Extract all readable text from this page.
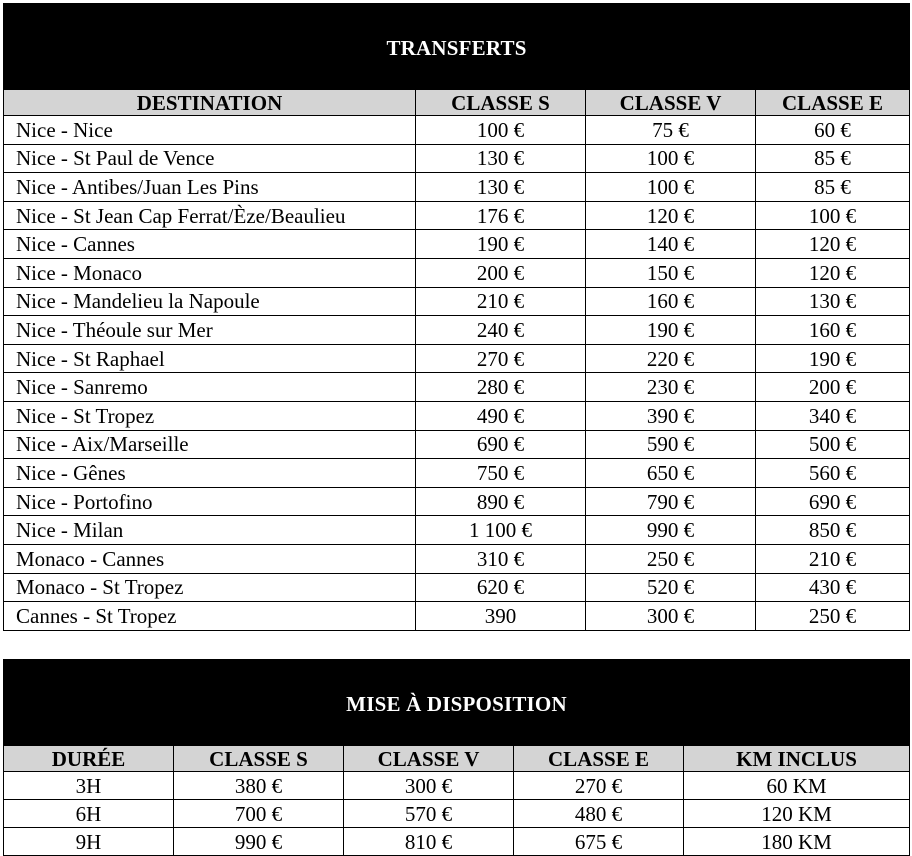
TRANSFERTS			
DESTINATION	CLASSE S	CLASSE V	CLASSE E
Nice - Nice	100 €	75 €	60 €
Nice - St Paul de Vence	130 €	100 €	85 €
Nice - Antibes/Juan Les Pins	130 €	100 €	85 €
Nice - St Jean Cap Ferrat/Èze/Beaulieu	176 €	120 €	100 €
Nice - Cannes	190 €	140 €	120 €
Nice - Monaco	200 €	150 €	120 €
Nice - Mandelieu la Napoule	210 €	160 €	130 €
Nice - Théoule sur Mer	240 €	190 €	160 €
Nice - St Raphael	270 €	220 €	190 €
Nice - Sanremo	280 €	230 €	200 €
Nice - St Tropez	490 €	390 €	340 €
Nice - Aix/Marseille	690 €	590 €	500 €
Nice - Gênes	750 €	650 €	560 €
Nice - Portofino	890 €	790 €	690 €
Nice - Milan	1 100 €	990 €	850 €
Monaco - Cannes	310 €	250 €	210 €
Monaco - St Tropez	620 €	520 €	430 €
Cannes - St Tropez	390	300 €	250 €
MISE À DISPOSITION				
DURÉE	CLASSE S	CLASSE V	CLASSE E	KM INCLUS
3H	380 €	300 €	270 €	60 KM
6H	700 €	570 €	480 €	120 KM
9H	990 €	810 €	675 €	180 KM
